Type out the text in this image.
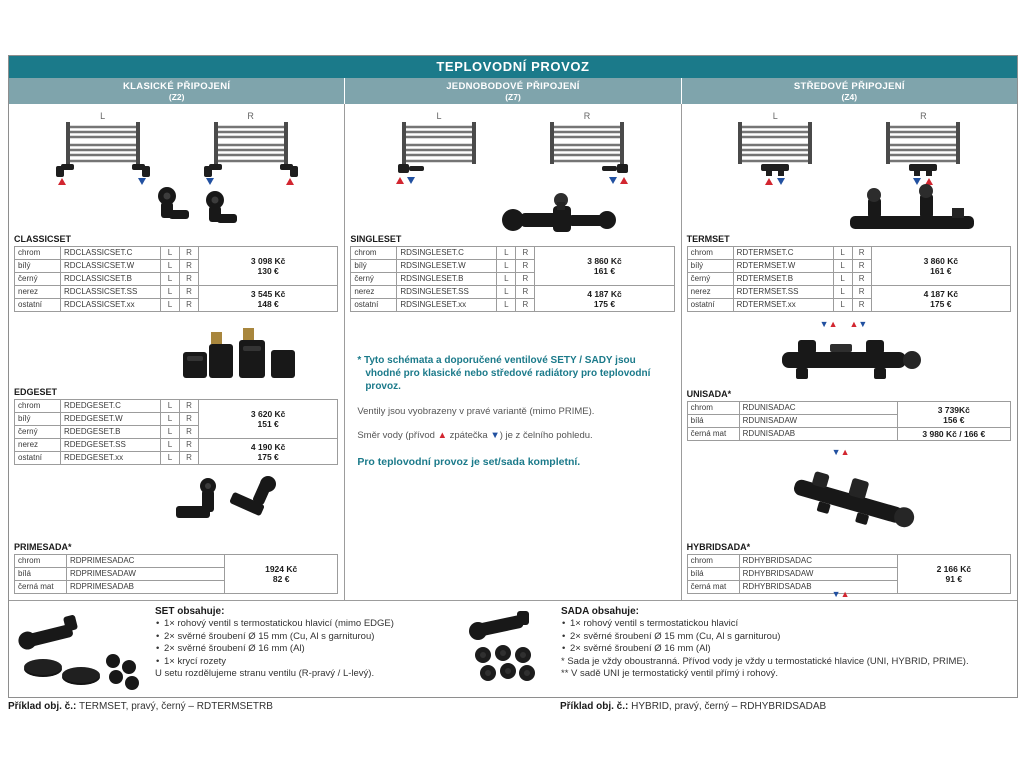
TEPLOVODNÍ PROVOZ
KLASICKÉ PŘIPOJENÍ
(Z2)
JEDNOBODOVÉ PŘIPOJENÍ
(Z7)
STŘEDOVÉ PŘIPOJENÍ
(Z4)
L	R
CLASSICSET
chrom	RDCLASSICSET.C	L	R	3 098 Kč
130 €

bílý	RDCLASSICSET.W	L	R	
černý	RDCLASSICSET.B	L	R	
nerez	RDCLASSICSET.SS	L	R	3 545 Kč
148 €

ostatní	RDCLASSICSET.xx	L	R	
EDGESET
chrom	RDEDGESET.C	L	R	3 620 Kč
151 €

bílý	RDEDGESET.W	L	R	
černý	RDEDGESET.B	L	R	
nerez	RDEDGESET.SS	L	R	4 190 Kč
175 €

ostatní	RDEDGESET.xx	L	R	
PRIMESADA*
chrom	RDPRIMESADAC	1924 Kč
82 €

bílá	RDPRIMESADAW	
černá mat	RDPRIMESADAB	
L	R
SINGLESET
chrom	RDSINGLESET.C	L	R	3 860 Kč
161 €

bílý	RDSINGLESET.W	L	R	
černý	RDSINGLESET.B	L	R	
nerez	RDSINGLESET.SS	L	R	4 187 Kč
175 €

ostatní	RDSINGLESET.xx	L	R	
* Tyto schémata a doporučené ventilové SETY / SADY jsou vhodné pro klasické nebo středové radiátory pro teplovodní provoz.
Ventily jsou vyobrazeny v pravé variantě (mimo PRIME).
Směr vody (přívod ▲ zpátečka ▼) je z čelního pohledu.
Pro teplovodní provoz je set/sada kompletní.
L	R
TERMSET
chrom	RDTERMSET.C	L	R	3 860 Kč
161 €

bílý	RDTERMSET.W	L	R	
černý	RDTERMSET.B	L	R	
nerez	RDTERMSET.SS	L	R	4 187 Kč
175 €

ostatní	RDTERMSET.xx	L	R	
▼▲ ▲▼
UNISADA*
chrom	RDUNISADAC	3 739Kč
156 €

bílá	RDUNISADAW	
černá mat	RDUNISADAB	3 980 Kč / 166 €
▼▲
HYBRIDSADA*
chrom	RDHYBRIDSADAC	2 166 Kč
91 €

bílá	RDHYBRIDSADAW	
černá mat	RDHYBRIDSADAB	
▼▲
SET obsahuje:
• 1× rohový ventil s termostatickou hlavicí (mimo EDGE)
• 2× svěrné šroubení Ø 15 mm (Cu, Al s garniturou)
• 2× svěrné šroubení Ø 16 mm (Al)
• 1× krycí rozety
U setu rozdělujeme stranu ventilu (R-pravý / L-levý).
SADA obsahuje:
• 1× rohový ventil s termostatickou hlavicí
• 2× svěrné šroubení Ø 15 mm (Cu, Al s garniturou)
• 2× svěrné šroubení Ø 16 mm (Al)
* Sada je vždy oboustranná. Přívod vody je vždy u termostatické hlavice (UNI, HYBRID, PRIME).
** V sadě UNI je termostatický ventil přímý i rohový.
Příklad obj. č.: TERMSET, pravý, černý – RDTERMSETRB	Příklad obj. č.: HYBRID, pravý, černý – RDHYBRIDSADAB
